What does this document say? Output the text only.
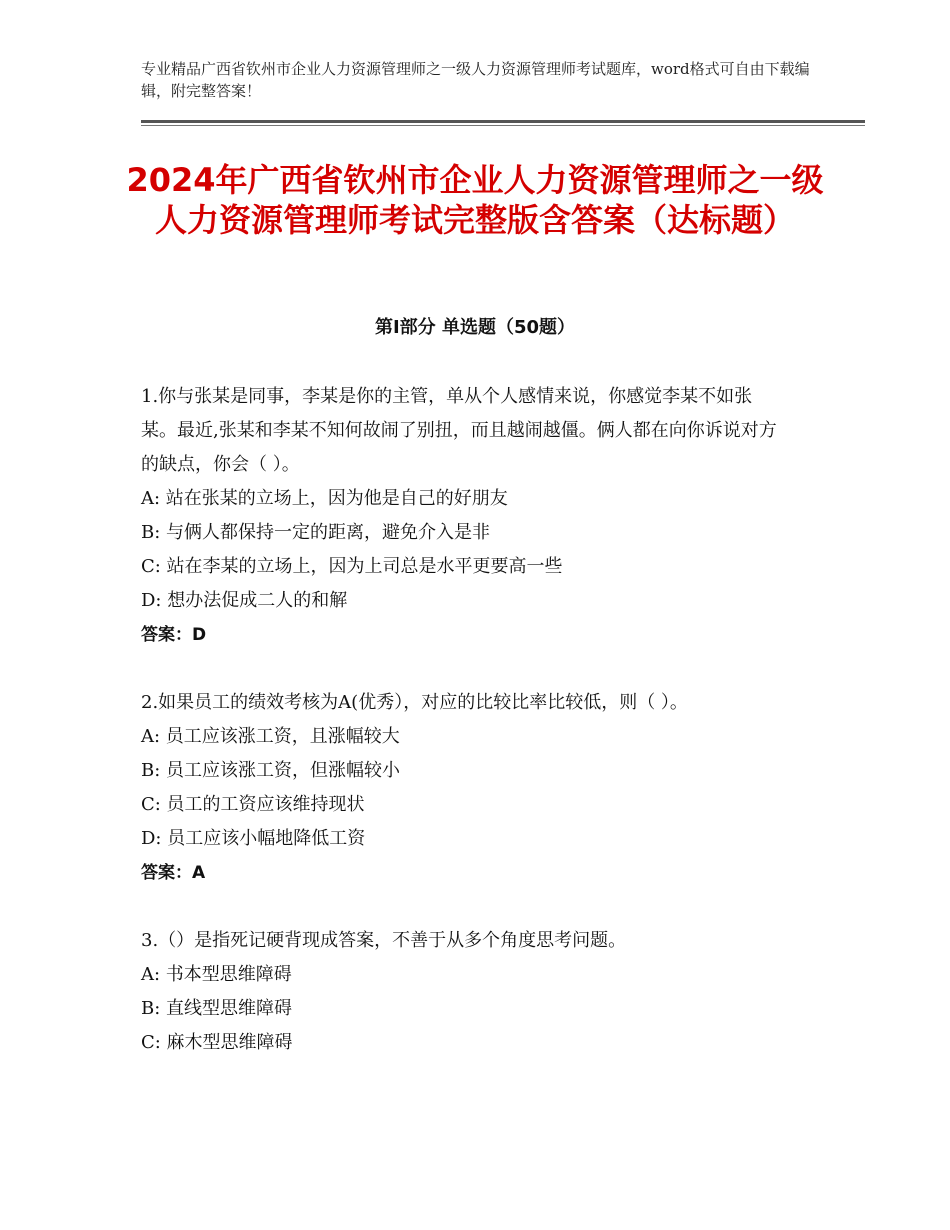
专业精品广西省钦州市企业人力资源管理师之一级人力资源管理师考试题库，word格式可自由下载编辑，附完整答案！
2024年广西省钦州市企业人力资源管理师之一级人力资源管理师考试完整版含答案（达标题）
第Ⅰ部分 单选题（50题）

1.你与张某是同事，李某是你的主管，单从个人感情来说，你感觉李某不如张某。最近,张某和李某不知何故闹了别扭，而且越闹越僵。俩人都在向你诉说对方的缺点，你会（ ）。

A: 站在张某的立场上，因为他是自己的好朋友

B: 与俩人都保持一定的距离，避免介入是非

C: 站在李某的立场上，因为上司总是水平更要高一些

D: 想办法促成二人的和解

答案：D

2.如果员工的绩效考核为A(优秀），对应的比较比率比较低，则（ ）。

A: 员工应该涨工资，且涨幅较大

B: 员工应该涨工资，但涨幅较小

C: 员工的工资应该维持现状

D: 员工应该小幅地降低工资

答案：A

3.（）是指死记硬背现成答案，不善于从多个角度思考问题。

A: 书本型思维障碍

B: 直线型思维障碍

C: 麻木型思维障碍
